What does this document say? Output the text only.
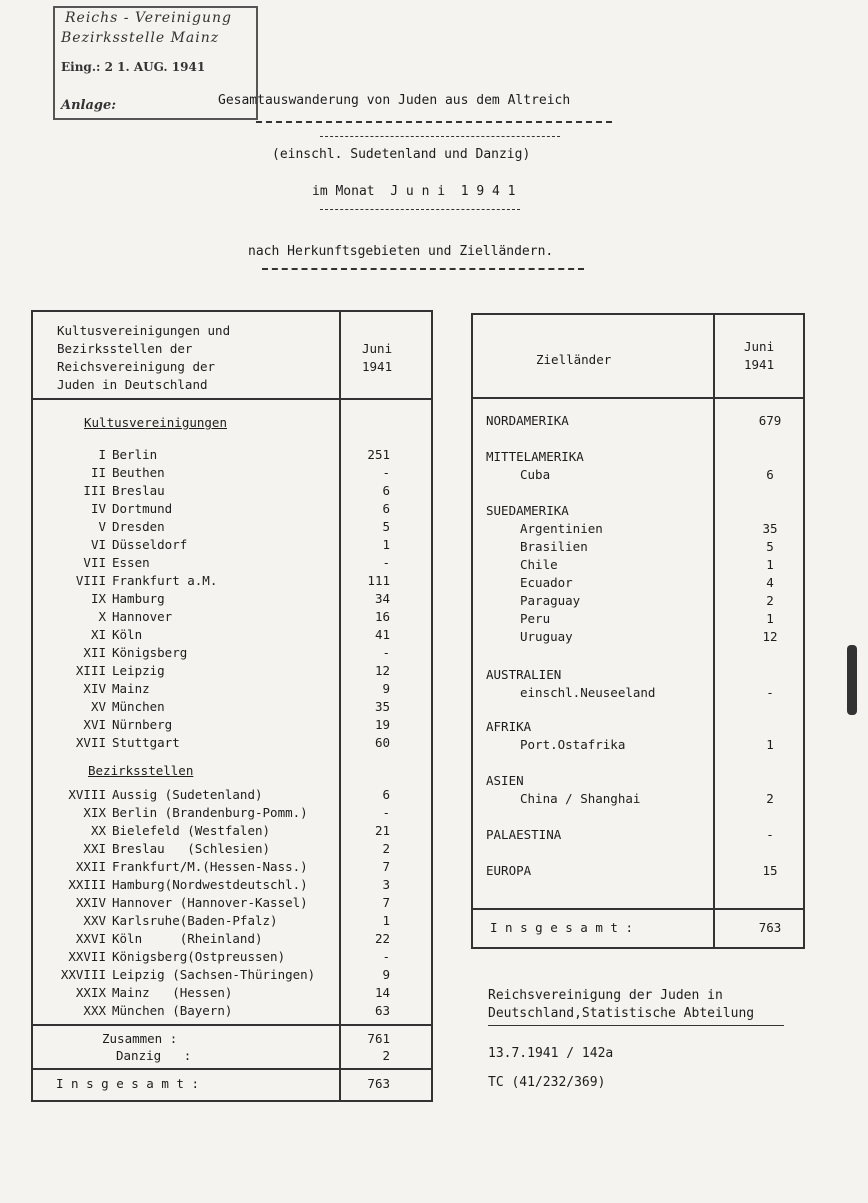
Reichs - Vereinigung
Bezirksstelle Mainz
Eing.: 2 1. AUG. 1941
Anlage:	Gesamtauswanderung von Juden aus dem Altreich
(einschl. Sudetenland und Danzig)
im Monat  J u n i  1 9 4 1
nach Herkunftsgebieten und Zielländern.
Kultusvereinigungen und
Bezirksstellen der
Reichsvereinigung der
Juden in Deutschland
Juni
1941
Kultusvereinigungen
I Berlin	251
II Beuthen	-
III Breslau	6
IV Dortmund	6
V Dresden	5
VI Düsseldorf	1
VII Essen	-
VIII Frankfurt a.M.	111
IX Hamburg	34
X Hannover	16
XI Köln	41
XII Königsberg	-
XIII Leipzig	12
XIV Mainz	9
XV München	35
XVI Nürnberg	19
XVII Stuttgart	60
Bezirksstellen
XVIII Aussig (Sudetenland)	6
XIX Berlin (Brandenburg-Pomm.)	-
XX Bielefeld (Westfalen)	21
XXI Breslau   (Schlesien)	2
XXII Frankfurt/M.(Hessen-Nass.)	7
XXIII Hamburg(Nordwestdeutschl.)	3
XXIV Hannover (Hannover-Kassel)	7
XXV Karlsruhe(Baden-Pfalz)	1
XXVI Köln     (Rheinland)	22
XXVII Königsberg(Ostpreussen)	-
XXVIII Leipzig (Sachsen-Thüringen)	9
XXIX Mainz   (Hessen)	14
XXX München (Bayern)	63
Zusammen :	761
Danzig   :	2
I n s g e s a m t :	763
Zielländer
Juni
1941
NORDAMERIKA	679
MITTELAMERIKA
Cuba	6
SUEDAMERIKA
Argentinien	35
Brasilien	5
Chile	1
Ecuador	4
Paraguay	2
Peru	1
Uruguay	12
AUSTRALIEN
einschl.Neuseeland	-
AFRIKA
Port.Ostafrika	1
ASIEN
China / Shanghai	2
PALAESTINA	-
EUROPA	15
I n s g e s a m t :	763
Reichsvereinigung der Juden in
Deutschland,Statistische Abteilung
13.7.1941 / 142a
TC (41/232/369)
